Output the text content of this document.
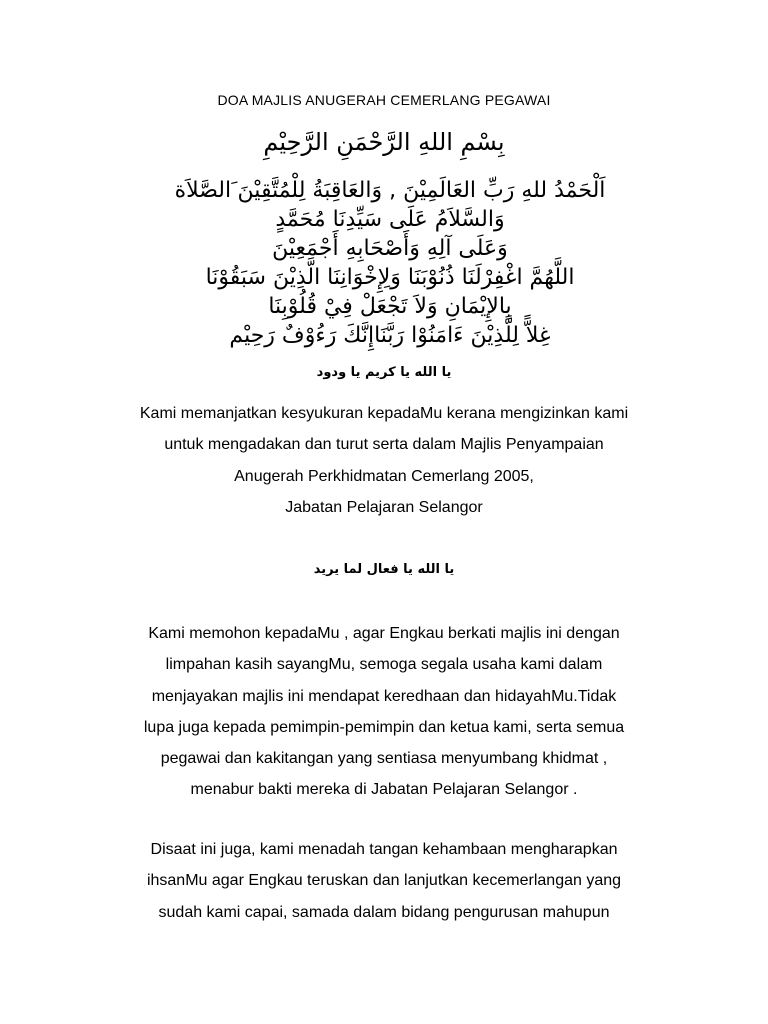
DOA MAJLIS ANUGERAH CEMERLANG PEGAWAI
بِسْمِ اللهِ الرَّحْمَنِ الرَّحِيْمِ
اَلْحَمْدُ للهِ رَبِّ العَالَمِيْنَ , وَالعَاقِبَةُ لِلْمُتَّقِيْنَ َالصَّلاَة
وَالسَّلاَمُ عَلَى سَيِّدِنَا مُحَمَّدٍ
وَعَلَى آلِهِ وَأَصْحَابِهِ أَجْمَعِيْنَ
اللَّهُمَّ اغْفِرْلَنَا ذُنُوْبَنَا وَلِإِخْوَانِنَا الَّذِيْنَ سَبَقُوْنَا
بِالإِيْمَانِ وَلاَ تَجْعَلْ فِيْ قُلُوْبِنَا
غِلاًّ لِلَّذِيْنَ ءَامَنُوْا رَبَّنَاإِنَّكَ رَءُوْفٌ رَحِيْم
يا الله يا كريم يا ودود
Kami memanjatkan kesyukuran kepadaMu kerana mengizinkan kami
untuk mengadakan dan turut serta dalam Majlis Penyampaian
Anugerah Perkhidmatan Cemerlang 2005,
Jabatan Pelajaran Selangor
يا الله يا فعال لما يريد
Kami memohon kepadaMu , agar Engkau berkati majlis ini dengan
limpahan kasih sayangMu, semoga segala usaha kami dalam
menjayakan majlis ini mendapat keredhaan dan hidayahMu.Tidak
lupa juga kepada pemimpin-pemimpin dan ketua kami, serta semua
pegawai dan kakitangan yang sentiasa menyumbang khidmat ,
menabur bakti mereka di Jabatan Pelajaran Selangor .
Disaat ini juga, kami menadah tangan kehambaan mengharapkan
ihsanMu agar Engkau teruskan dan lanjutkan kecemerlangan yang
sudah kami capai, samada dalam bidang pengurusan mahupun
